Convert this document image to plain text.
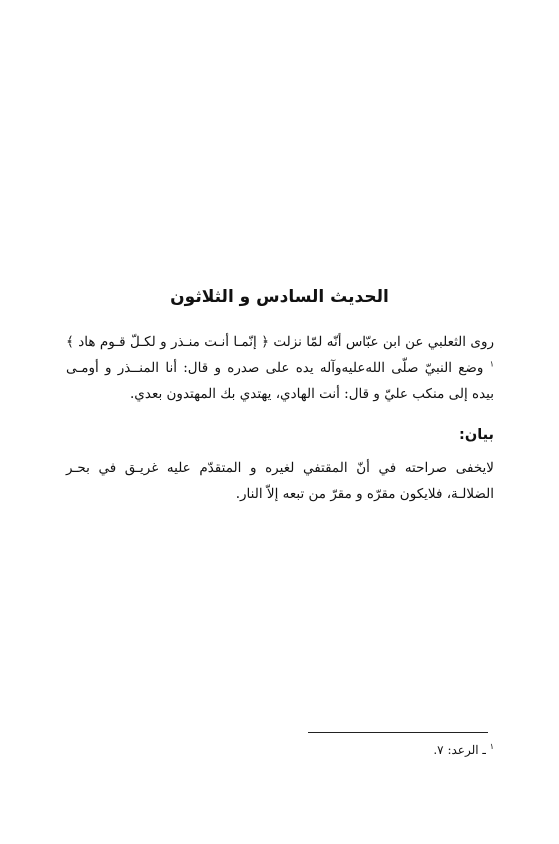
الحديث السادس و الثلاثون

روى الثعلبي عن ابن عبّاس أنّه لمّا نزلت ﴿ إنّمـا أنـت منـذر و لكـلّ قـوم هاد ﴾$^١$ وضع النبيّ صلّى الله‌عليه‌وآله يده على صدره و قال: أنا المنــذر و أومـى بيده إلى منكب عليّ و قال: أنت الهادي، يهتدي بك المهتدون بعدي.

بيان:

لايخفى صراحته في أنّ المقتفي لغيره و المتقدّم عليه غريـق في بحـر الضلالـة، فلايكون مقرّه و مقرّ من تبعه إلاّ النار.

$^١$ ـ الرعد: ٧.
